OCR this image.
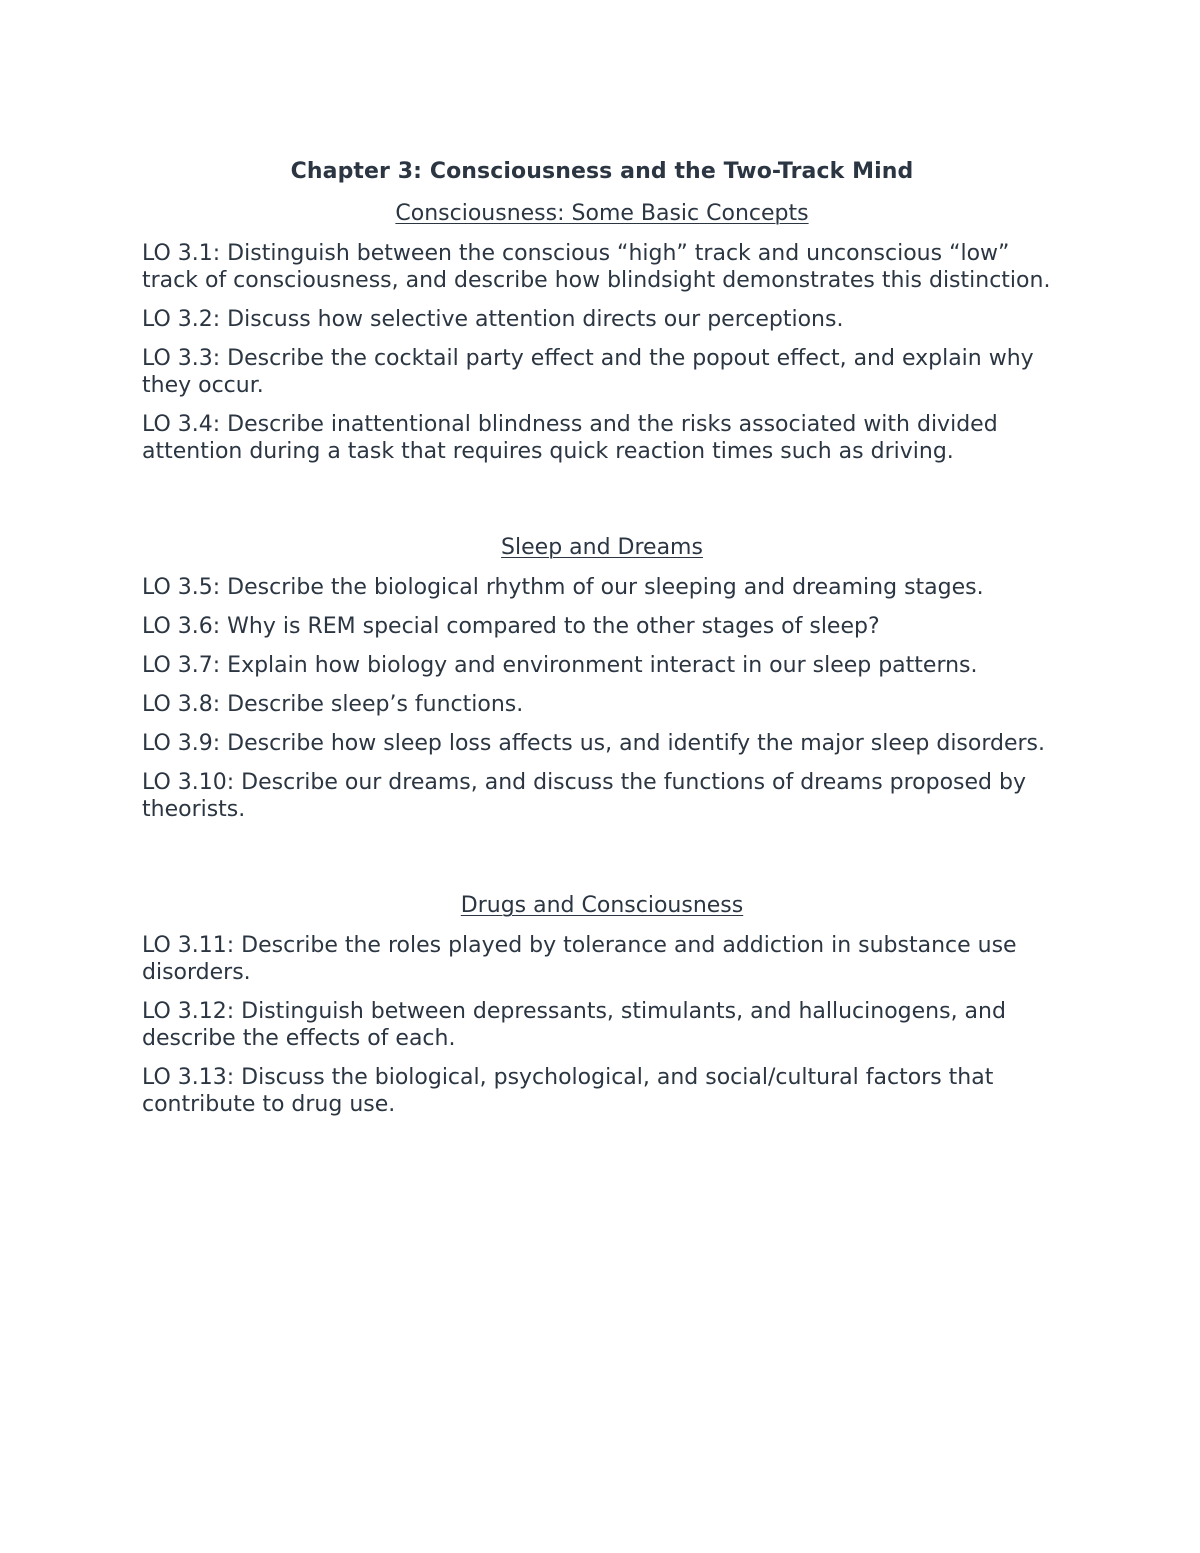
Chapter 3: Consciousness and the Two-Track Mind
Consciousness: Some Basic Concepts

LO 3.1: Distinguish between the conscious “high” track and unconscious “low” track of consciousness, and describe how blindsight demonstrates this distinction.

LO 3.2: Discuss how selective attention directs our perceptions.

LO 3.3: Describe the cocktail party effect and the popout effect, and explain why they occur.

LO 3.4: Describe inattentional blindness and the risks associated with divided attention during a task that requires quick reaction times such as driving.

Sleep and Dreams

LO 3.5: Describe the biological rhythm of our sleeping and dreaming stages.

LO 3.6: Why is REM special compared to the other stages of sleep?

LO 3.7: Explain how biology and environment interact in our sleep patterns.

LO 3.8: Describe sleep’s functions.

LO 3.9: Describe how sleep loss affects us, and identify the major sleep disorders.

LO 3.10: Describe our dreams, and discuss the functions of dreams proposed by theorists.

Drugs and Consciousness

LO 3.11: Describe the roles played by tolerance and addiction in substance use disorders.

LO 3.12: Distinguish between depressants, stimulants, and hallucinogens, and describe the effects of each.

LO 3.13: Discuss the biological, psychological, and social/cultural factors that contribute to drug use.
